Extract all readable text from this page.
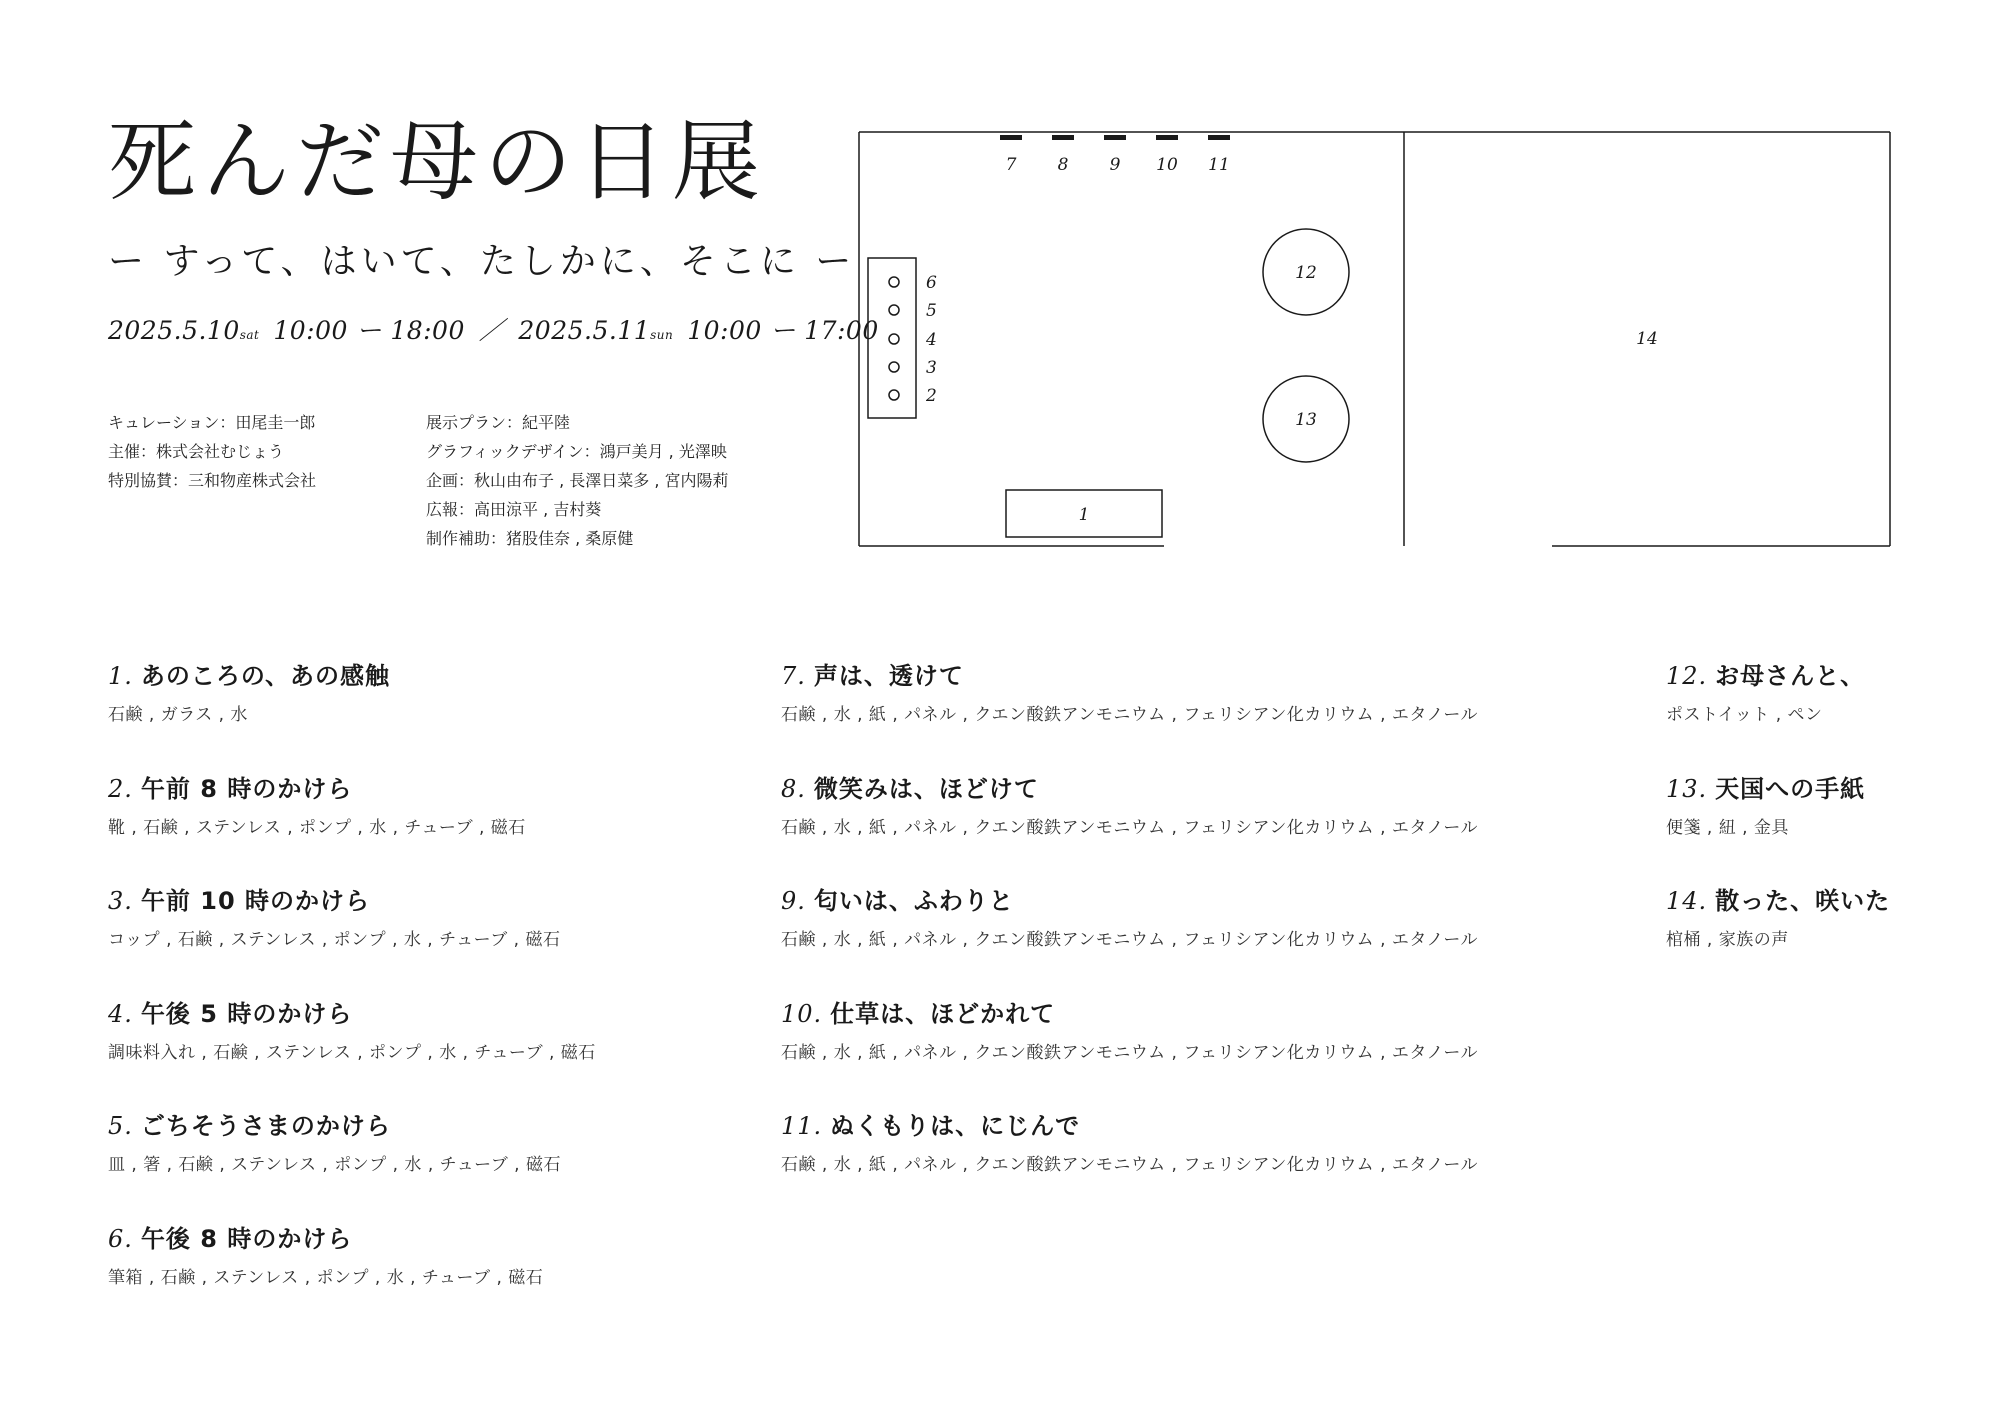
死んだ母の日展
ー すって、はいて、たしかに、そこに ー
2025.5.10sat 10:00 ー 18:00 ／ 2025.5.11sun 10:00 ー 17:00
キュレーション：田尾圭一郎
主催：株式会社むじょう
特別協賛：三和物産株式会社
展示プラン：紀平陸
グラフィックデザイン：鴻戸美月 , 光澤映
企画：秋山由布子 , 長澤日菜多 , 宮内陽莉
広報：高田涼平 , 吉村葵
制作補助：猪股佳奈 , 桑原健
7 8 9 10 11
6
5
4
3
2
12
13
1
14
1. あのころの、あの感触
石鹸 , ガラス , 水
2. 午前 8 時のかけら
靴 , 石鹸 , ステンレス , ポンプ , 水 , チューブ , 磁石
3. 午前 10 時のかけら
コップ , 石鹸 , ステンレス , ポンプ , 水 , チューブ , 磁石
4. 午後 5 時のかけら
調味料入れ , 石鹸 , ステンレス , ポンプ , 水 , チューブ , 磁石
5. ごちそうさまのかけら
皿 , 箸 , 石鹸 , ステンレス , ポンプ , 水 , チューブ , 磁石
6. 午後 8 時のかけら
筆箱 , 石鹸 , ステンレス , ポンプ , 水 , チューブ , 磁石
7. 声は、透けて
石鹸 , 水 , 紙 , パネル , クエン酸鉄アンモニウム , フェリシアン化カリウム , エタノール
8. 微笑みは、ほどけて
石鹸 , 水 , 紙 , パネル , クエン酸鉄アンモニウム , フェリシアン化カリウム , エタノール
9. 匂いは、ふわりと
石鹸 , 水 , 紙 , パネル , クエン酸鉄アンモニウム , フェリシアン化カリウム , エタノール
10. 仕草は、ほどかれて
石鹸 , 水 , 紙 , パネル , クエン酸鉄アンモニウム , フェリシアン化カリウム , エタノール
11. ぬくもりは、にじんで
石鹸 , 水 , 紙 , パネル , クエン酸鉄アンモニウム , フェリシアン化カリウム , エタノール
12. お母さんと、
ポストイット , ペン
13. 天国への手紙
便箋 , 紐 , 金具
14. 散った、咲いた
棺桶 , 家族の声
